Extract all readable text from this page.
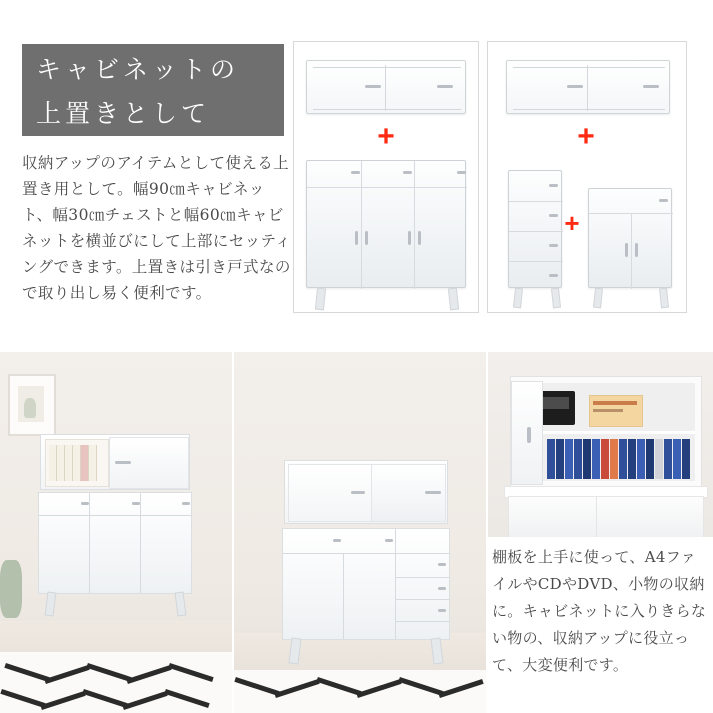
キャビネットの
上置きとして
収納アップのアイテムとして使える上置き用として。幅90㎝キャビネット、幅30㎝チェストと幅60㎝キャビネットを横並びにして上部にセッティングできます。上置きは引き戸式なので取り出し易く便利です。
+	+
+
棚板を上手に使って、A4ファイルやCDやDVD、小物の収納に。キャビネットに入りきらない物の、収納アップに役立って、大変便利です。
